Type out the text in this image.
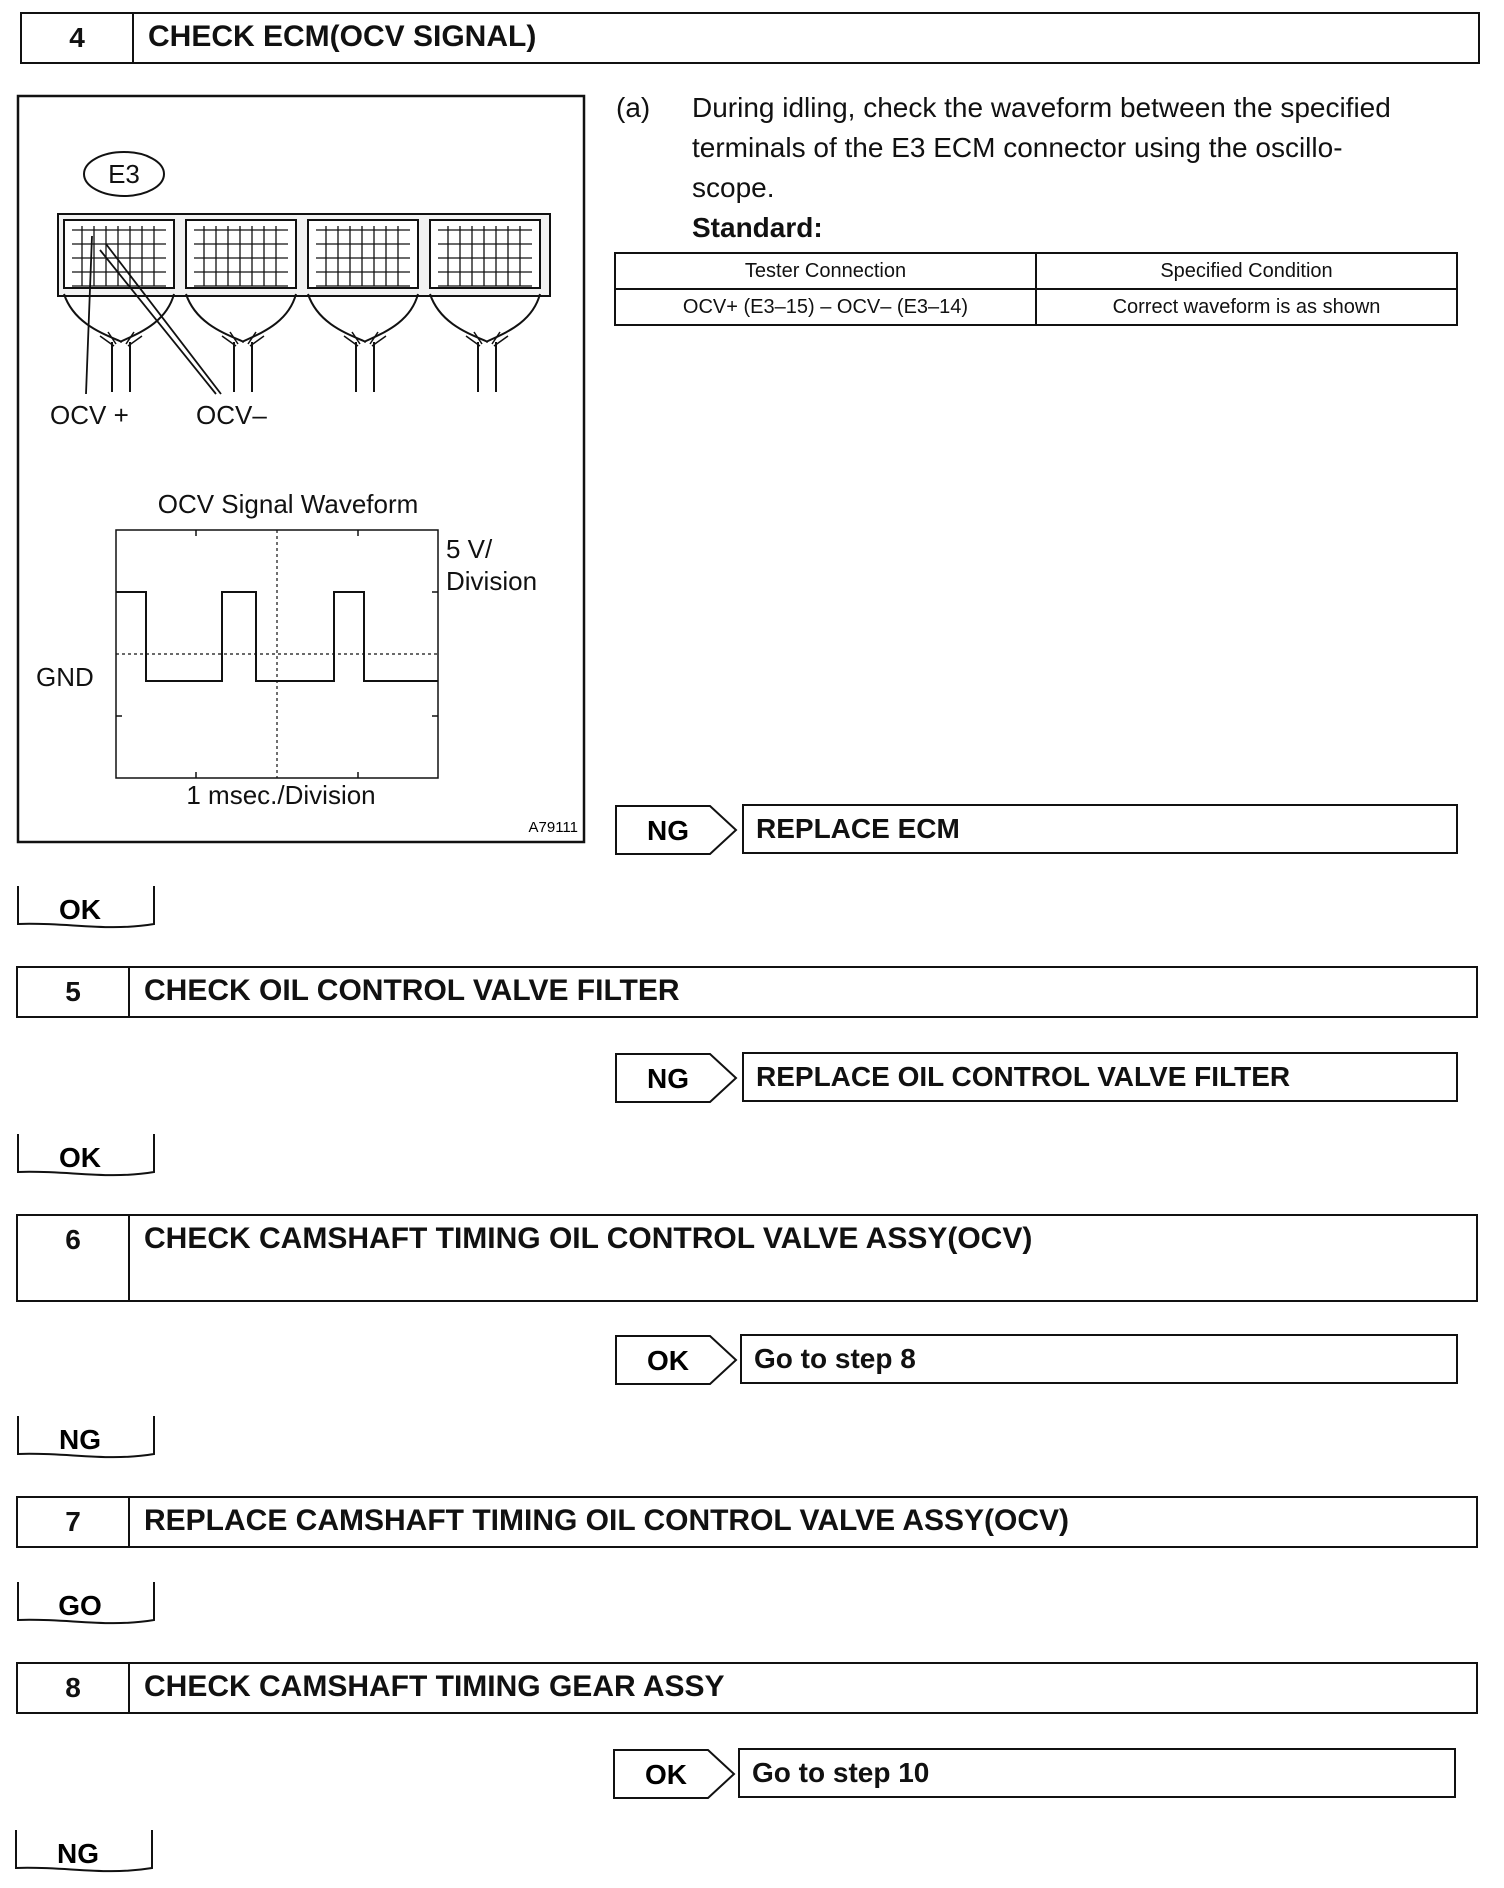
4	CHECK ECM(OCV SIGNAL)
E3
OCV +	OCV–
OCV Signal Waveform
5 V/
Division
GND
1 msec./Division
A79111
(a) During idling, check the waveform between the specified
terminals of the E3 ECM connector using the oscillo-
scope.
Standard:
Tester Connection	Specified Condition
OCV+ (E3–15) – OCV– (E3–14)	Correct waveform is as shown
NG REPLACE ECM
OK
5	CHECK OIL CONTROL VALVE FILTER
NG REPLACE OIL CONTROL VALVE FILTER
OK
6	CHECK CAMSHAFT TIMING OIL CONTROL VALVE ASSY(OCV)
OK Go to step 8
NG
7	REPLACE CAMSHAFT TIMING OIL CONTROL VALVE ASSY(OCV)
GO
8	CHECK CAMSHAFT TIMING GEAR ASSY
OK Go to step 10
NG
